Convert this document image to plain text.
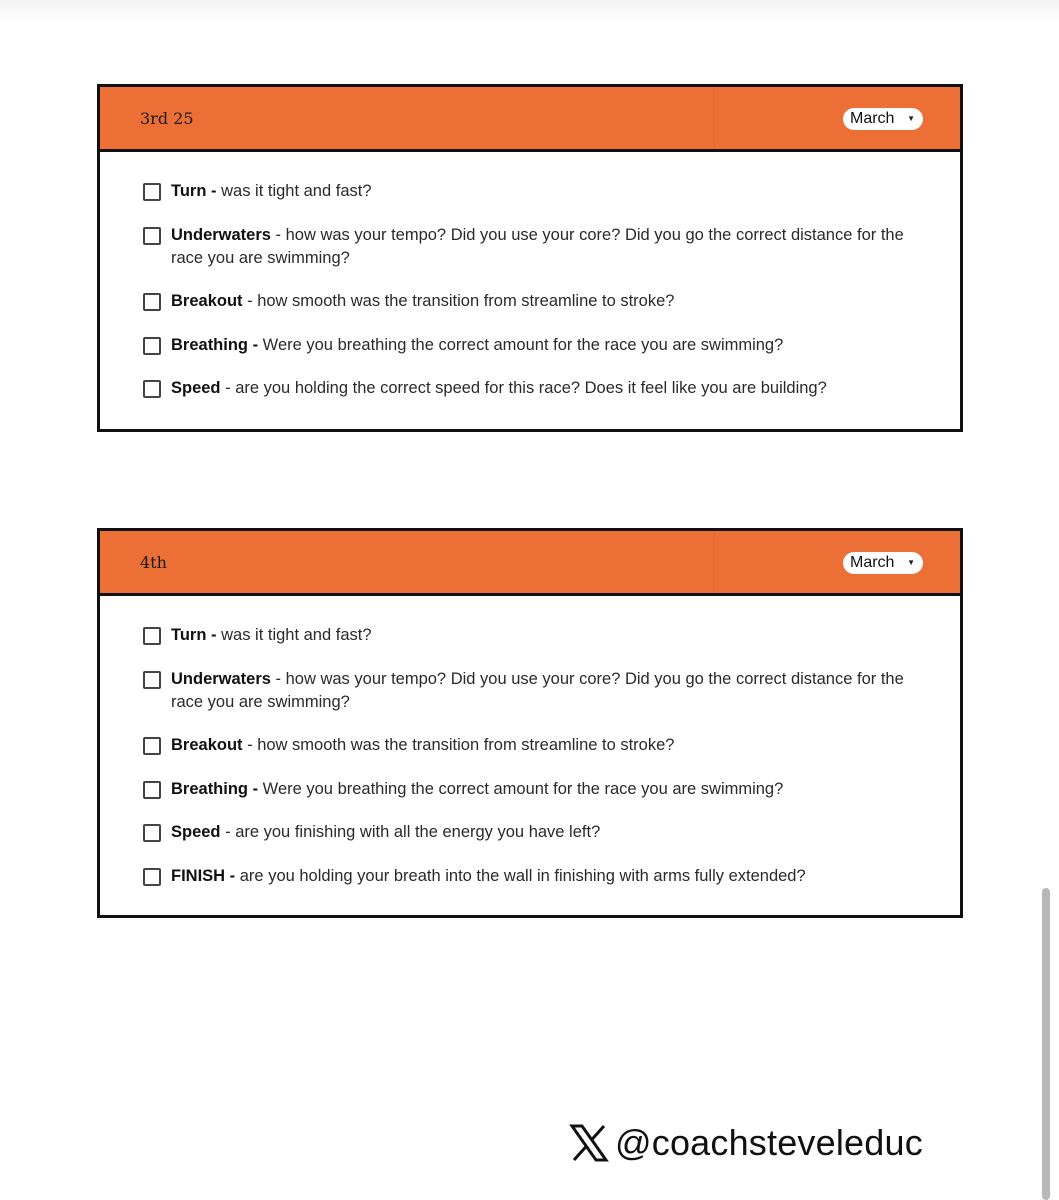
3rd 25	March ▼
Turn - was it tight and fast?
Underwaters - how was your tempo? Did you use your core? Did you go the correct distance for the race you are swimming?
Breakout - how smooth was the transition from streamline to stroke?
Breathing - Were you breathing the correct amount for the race you are swimming?
Speed - are you holding the correct speed for this race? Does it feel like you are building?
4th	March ▼
Turn - was it tight and fast?
Underwaters - how was your tempo? Did you use your core? Did you go the correct distance for the race you are swimming?
Breakout - how smooth was the transition from streamline to stroke?
Breathing - Were you breathing the correct amount for the race you are swimming?
Speed - are you finishing with all the energy you have left?
FINISH - are you holding your breath into the wall in finishing with arms fully extended?
@coachsteveleduc
